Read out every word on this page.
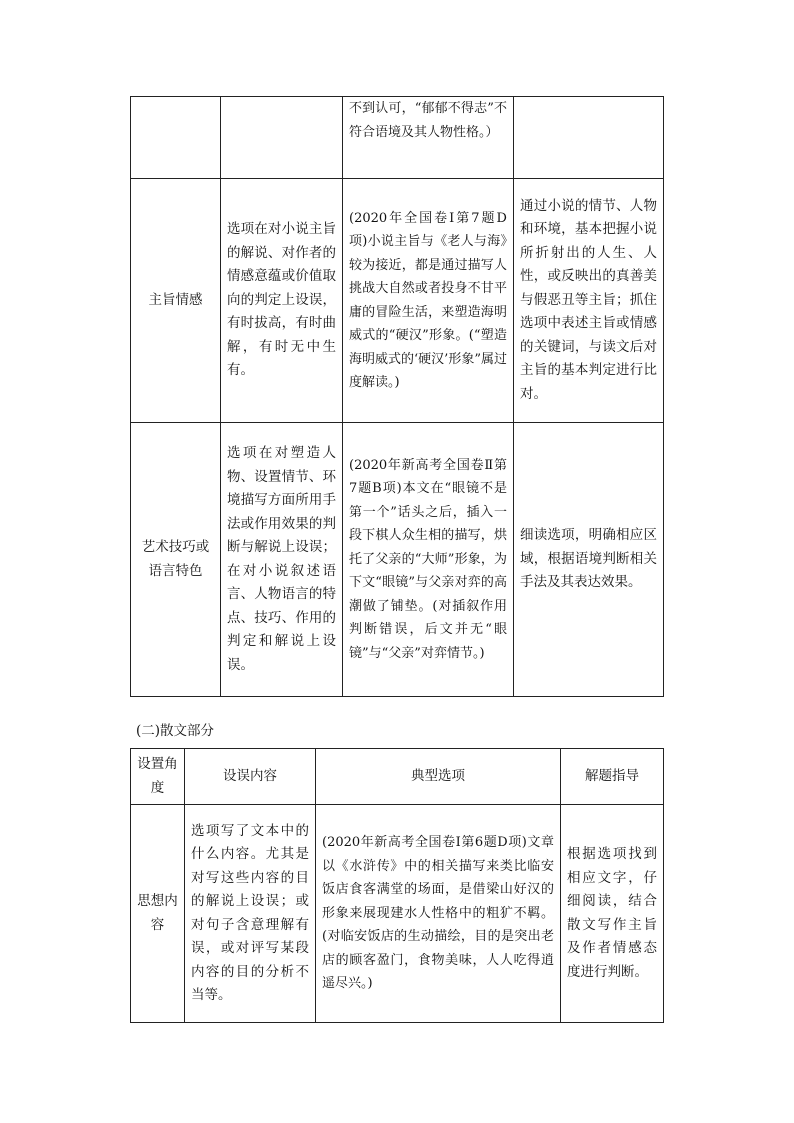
		不到认可，“郁郁不得志”不符合语境及其人物性格。）	
主旨情感	选项在对小说主旨的解说、对作者的情感意蕴或价值取向的判定上设误，有时拔高，有时曲解，有时无中生有。	(2020年全国卷Ⅰ第7题D项)小说主旨与《老人与海》较为接近，都是通过描写人挑战大自然或者投身不甘平庸的冒险生活，来塑造海明威式的“硬汉”形象。(“塑造海明威式的‘硬汉’形象”属过度解读。)	通过小说的情节、人物和环境，基本把握小说所折射出的人生、人性，或反映出的真善美与假恶丑等主旨；抓住选项中表述主旨或情感的关键词，与读文后对主旨的基本判定进行比对。
艺术技巧或语言特色	选项在对塑造人物、设置情节、环境描写方面所用手法或作用效果的判断与解说上设误；在对小说叙述语言、人物语言的特点、技巧、作用的判定和解说上设误。	(2020年新高考全国卷Ⅱ第7题B项)本文在“眼镜不是第一个”话头之后，插入一段下棋人众生相的描写，烘托了父亲的“大师”形象，为下文“眼镜”与父亲对弈的高潮做了铺垫。(对插叙作用判断错误，后文并无“眼镜”与“父亲”对弈情节。)	细读选项，明确相应区域，根据语境判断相关手法及其表达效果。
(二)散文部分
设置角度	设误内容	典型选项	解题指导
思想内容	选项写了文本中的什么内容。尤其是对写这些内容的目的解说上设误；或对句子含意理解有误，或对评写某段内容的目的分析不当等。	(2020年新高考全国卷Ⅰ第6题D项)文章以《水浒传》中的相关描写来类比临安饭店食客满堂的场面，是借梁山好汉的形象来展现建水人性格中的粗犷不羁。(对临安饭店的生动描绘，目的是突出老店的顾客盈门，食物美味，人人吃得逍遥尽兴。)	根据选项找到相应文字，仔细阅读，结合散文写作主旨及作者情感态度进行判断。
